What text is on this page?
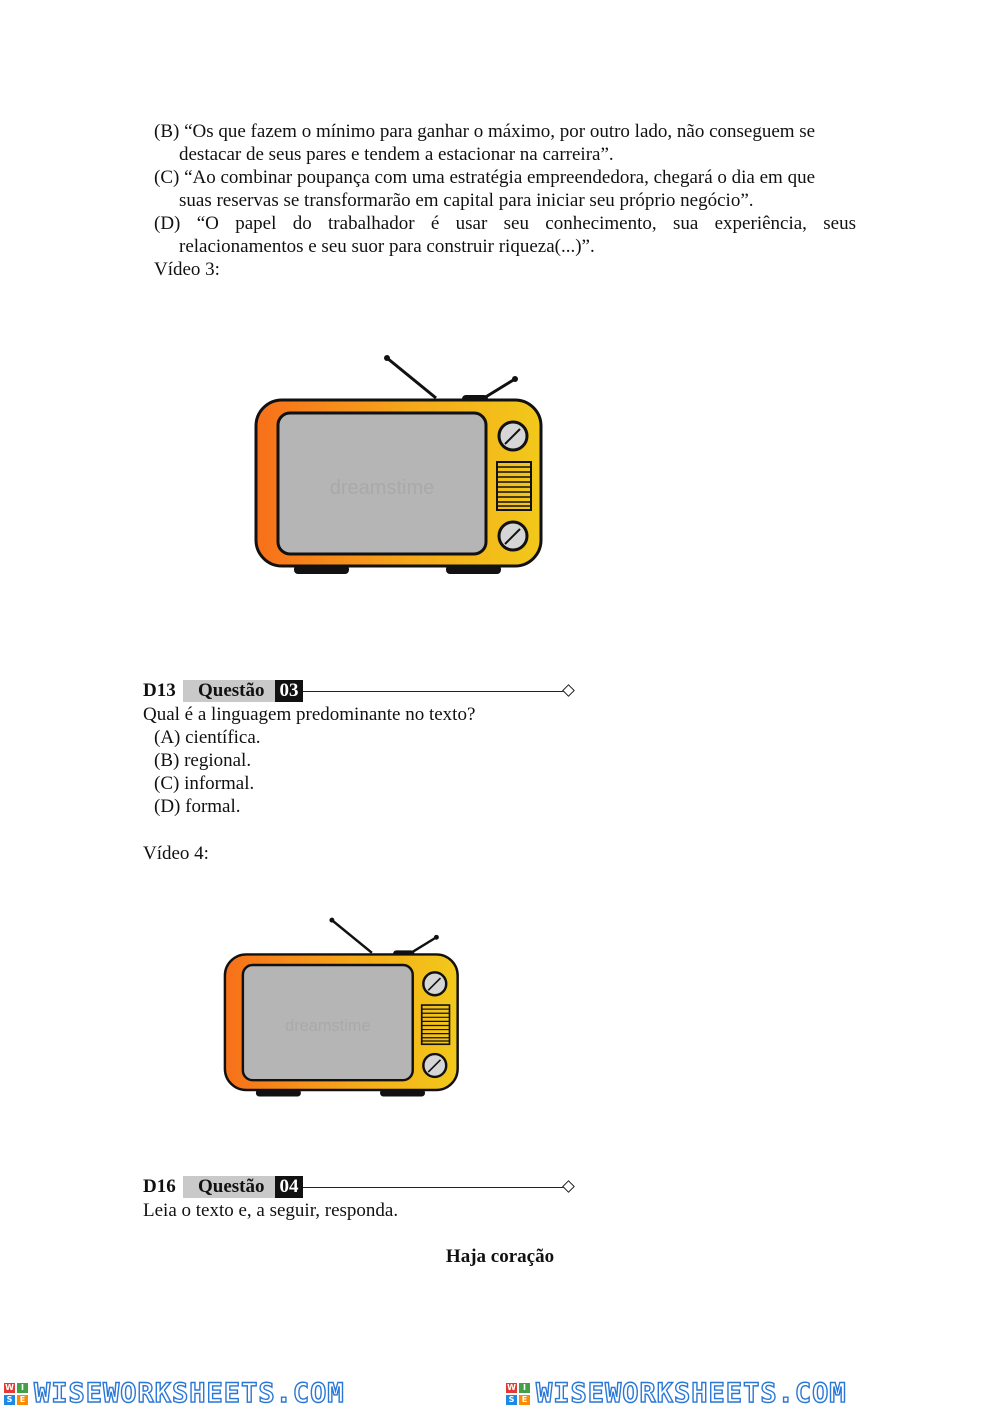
(B) “Os que fazem o mínimo para ganhar o máximo, por outro lado, não conseguem se
destacar de seus pares e tendem a estacionar na carreira”.
(C) “Ao combinar poupança com uma estratégia empreendedora, chegará o dia em que
suas reservas se transformarão em capital para iniciar seu próprio negócio”.
(D) “O papel do trabalhador é usar seu conhecimento, sua experiência, seus
relacionamentos e seu suor para construir riqueza(...)”.
Vídeo 3:
dreamstime
D13 Questão 03
Qual é a linguagem predominante no texto?
(A) científica.
(B) regional.
(C) informal.
(D) formal.
Vídeo 4:
dreamstime
D16 Questão 04
Leia o texto e, a seguir, responda.
Haja coração
W I
S E WISEWORKSHEETS.COM	W I
S E WISEWORKSHEETS.COM
